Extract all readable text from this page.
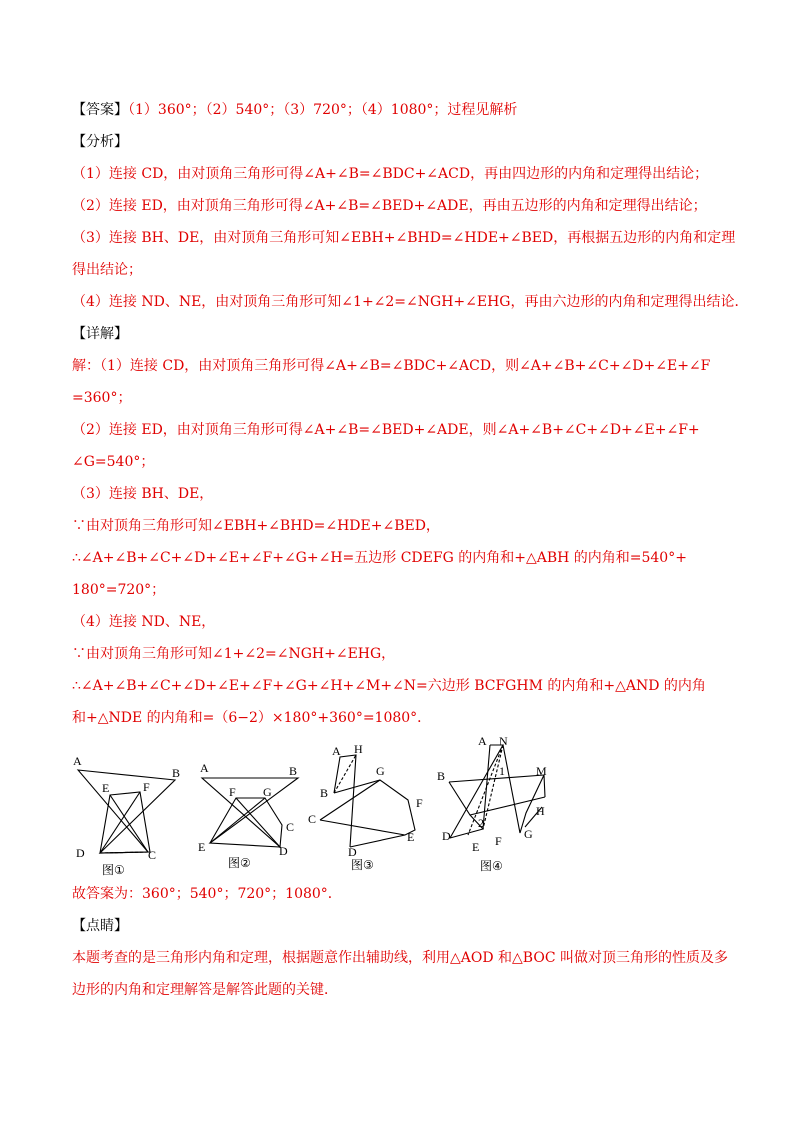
【答案】（1）360°；（2）540°；（3）720°；（4）1080°；过程见解析
【分析】
（1）连接 CD，由对顶角三角形可得∠A+∠B=∠BDC+∠ACD，再由四边形的内角和定理得出结论；
（2）连接 ED，由对顶角三角形可得∠A+∠B=∠BED+∠ADE，再由五边形的内角和定理得出结论；
（3）连接 BH、DE，由对顶角三角形可知∠EBH+∠BHD=∠HDE+∠BED，再根据五边形的内角和定理
得出结论；
（4）连接 ND、NE，由对顶角三角形可知∠1+∠2=∠NGH+∠EHG，再由六边形的内角和定理得出结论．
【详解】
解：（1）连接 CD，由对顶角三角形可得∠A+∠B=∠BDC+∠ACD，则∠A+∠B+∠C+∠D+∠E+∠F
=360°；
（2）连接 ED，由对顶角三角形可得∠A+∠B=∠BED+∠ADE，则∠A+∠B+∠C+∠D+∠E+∠F+
∠G=540°；
（3）连接 BH、DE，
∵由对顶角三角形可知∠EBH+∠BHD=∠HDE+∠BED，
∴∠A+∠B+∠C+∠D+∠E+∠F+∠G+∠H=五边形 CDEFG 的内角和+△ABH 的内角和=540°+
180°=720°；
（4）连接 ND、NE，
∵由对顶角三角形可知∠1+∠2=∠NGH+∠EHG，
∴∠A+∠B+∠C+∠D+∠E+∠F+∠G+∠H+∠M+∠N=六边形 BCFGHM 的内角和+△AND 的内角
和+△NDE 的内角和=（6−2）×180°+360°=1080°．
A
B
E	F
D	C
图①
A	B
F G
C
E	D
图②
A H
G
B
F
C
E
D
图③
A N
B	M
1
H
2
D	G
F
E
图④
故答案为：360°；540°；720°；1080°．
【点睛】
本题考查的是三角形内角和定理，根据题意作出辅助线，利用△AOD 和△BOC 叫做对顶三角形的性质及多
边形的内角和定理解答是解答此题的关键．
